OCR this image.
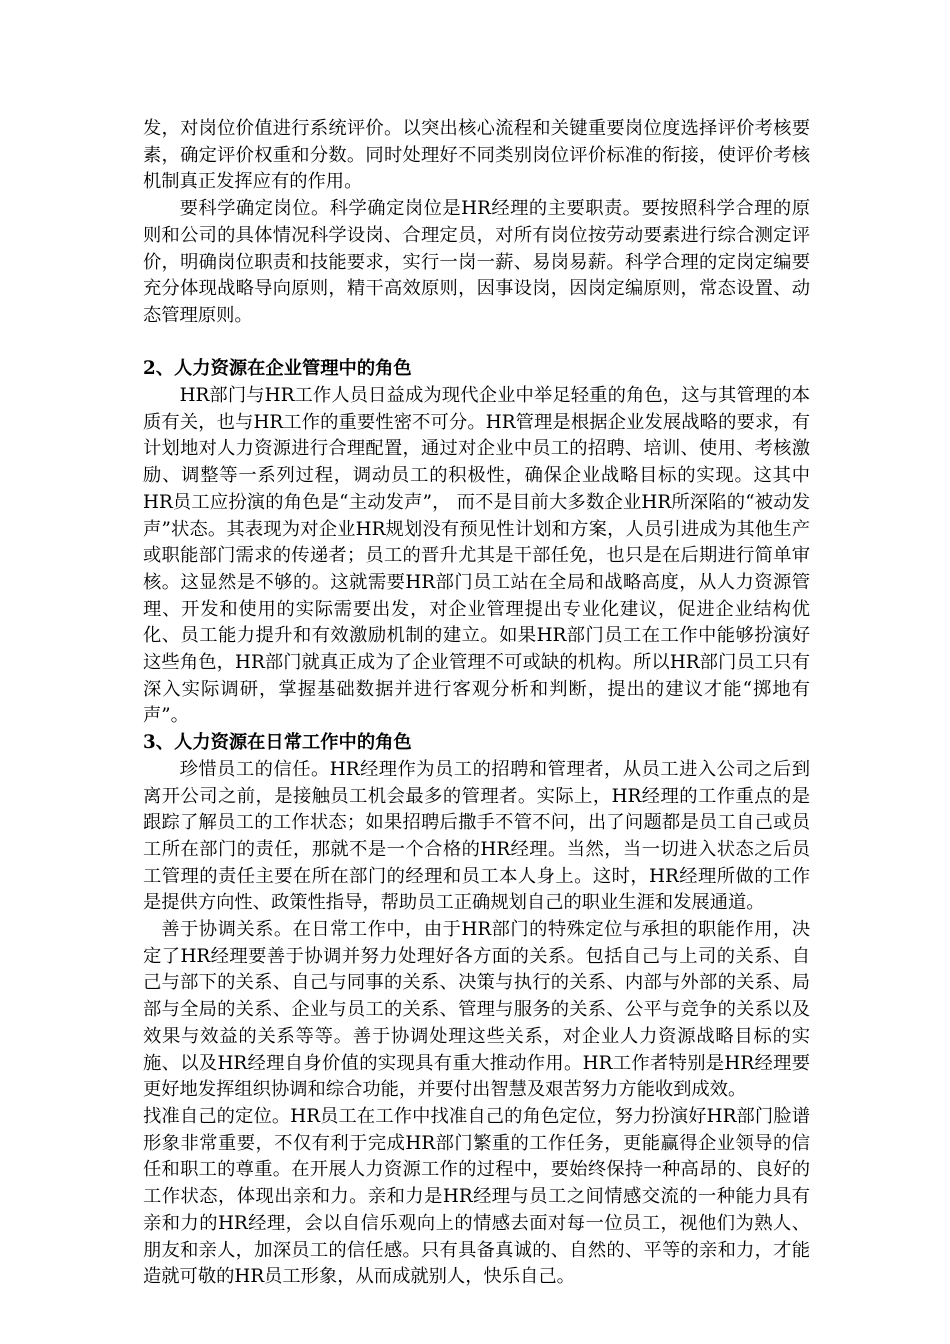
发，对岗位价值进行系统评价。以突出核心流程和关键重要岗位度选择评价考核要素，确定评价权重和分数。同时处理好不同类别岗位评价标准的衔接，使评价考核机制真正发挥应有的作用。

要科学确定岗位。科学确定岗位是HR经理的主要职责。要按照科学合理的原则和公司的具体情况科学设岗、合理定员，对所有岗位按劳动要素进行综合测定评价，明确岗位职责和技能要求，实行一岗一薪、易岗易薪。科学合理的定岗定编要充分体现战略导向原则，精干高效原则，因事设岗，因岗定编原则，常态设置、动态管理原则。

2、人力资源在企业管理中的角色

HR部门与HR工作人员日益成为现代企业中举足轻重的角色，这与其管理的本质有关，也与HR工作的重要性密不可分。HR管理是根据企业发展战略的要求，有计划地对人力资源进行合理配置，通过对企业中员工的招聘、培训、使用、考核激励、调整等一系列过程，调动员工的积极性，确保企业战略目标的实现。这其中HR员工应扮演的角色是“主动发声”， 而不是目前大多数企业HR所深陷的“被动发声”状态。其表现为对企业HR规划没有预见性计划和方案，人员引进成为其他生产或职能部门需求的传递者；员工的晋升尤其是干部任免，也只是在后期进行简单审核。这显然是不够的。这就需要HR部门员工站在全局和战略高度，从人力资源管理、开发和使用的实际需要出发，对企业管理提出专业化建议，促进企业结构优化、员工能力提升和有效激励机制的建立。如果HR部门员工在工作中能够扮演好这些角色，HR部门就真正成为了企业管理不可或缺的机构。所以HR部门员工只有深入实际调研，掌握基础数据并进行客观分析和判断，提出的建议才能“掷地有声”。

3、人力资源在日常工作中的角色

珍惜员工的信任。HR经理作为员工的招聘和管理者，从员工进入公司之后到离开公司之前，是接触员工机会最多的管理者。实际上，HR经理的工作重点的是跟踪了解员工的工作状态；如果招聘后撒手不管不问，出了问题都是员工自己或员工所在部门的责任，那就不是一个合格的HR经理。当然，当一切进入状态之后员工管理的责任主要在所在部门的经理和员工本人身上。这时，HR经理所做的工作是提供方向性、政策性指导，帮助员工正确规划自己的职业生涯和发展通道。

善于协调关系。在日常工作中，由于HR部门的特殊定位与承担的职能作用，决定了HR经理要善于协调并努力处理好各方面的关系。包括自己与上司的关系、自己与部下的关系、自己与同事的关系、决策与执行的关系、内部与外部的关系、局部与全局的关系、企业与员工的关系、管理与服务的关系、公平与竞争的关系以及效果与效益的关系等等。善于协调处理这些关系，对企业人力资源战略目标的实施、以及HR经理自身价值的实现具有重大推动作用。HR工作者特别是HR经理要更好地发挥组织协调和综合功能，并要付出智慧及艰苦努力方能收到成效。

找准自己的定位。HR员工在工作中找准自己的角色定位，努力扮演好HR部门脸谱形象非常重要，不仅有利于完成HR部门繁重的工作任务，更能赢得企业领导的信任和职工的尊重。在开展人力资源工作的过程中，要始终保持一种高昂的、良好的工作状态，体现出亲和力。亲和力是HR经理与员工之间情感交流的一种能力具有亲和力的HR经理，会以自信乐观向上的情感去面对每一位员工，视他们为熟人、朋友和亲人，加深员工的信任感。只有具备真诚的、自然的、平等的亲和力，才能造就可敬的HR员工形象，从而成就别人，快乐自己。
